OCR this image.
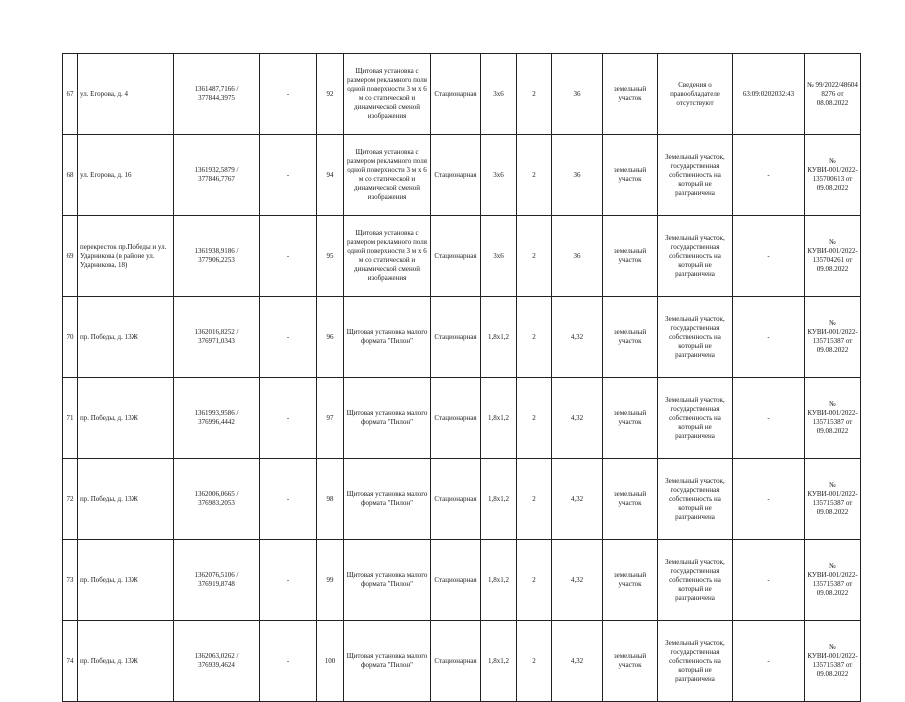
67	ул. Егорова, д. 4	1361487,7166 / 377844,3975	-	92	Щитовая установка с размером рекламного поля одной поверхности 3 м х 6 м со статической и динамической сменой изображения	Стационарная	3х6	2	36	земельный участок	Сведения о правообладателе отсутствуют	63:09:0202032:43	№ 99/2022/48604 8276 от 08.08.2022
68	ул. Егорова, д. 16	1361932,5879 / 377846,7767	-	94	Щитовая установка с размером рекламного поля одной поверхности 3 м х 6 м со статической и динамической сменой изображения	Стационарная	3х6	2	36	земельный участок	Земельный участок, государственная собственность на который не разграничена	-	№ КУВИ-001/2022-135700613 от 09.08.2022
69	перекресток пр.Победы и ул. Ударникова (в районе ул. Ударникова, 18)	1361938,9186 / 377906,2253	-	95	Щитовая установка с размером рекламного поля одной поверхности 3 м х 6 м со статической и динамической сменой изображения	Стационарная	3х6	2	36	земельный участок	Земельный участок, государственная собственность на который не разграничена	-	№ КУВИ-001/2022-135704261 от 09.08.2022
70	пр. Победы, д. 13Ж	1362016,8252 / 376971,0343	-	96	Щитовая установка малого формата "Пилон"	Стационарная	1,8х1,2	2	4,32	земельный участок	Земельный участок, государственная собственность на который не разграничена	-	№ КУВИ-001/2022-135715387 от 09.08.2022
71	пр. Победы, д. 13Ж	1361993,9586 / 376996,4442	-	97	Щитовая установка малого формата "Пилон"	Стационарная	1,8х1,2	2	4,32	земельный участок	Земельный участок, государственная собственность на который не разграничена	-	№ КУВИ-001/2022-135715387 от 09.08.2022
72	пр. Победы, д. 13Ж	1362006,0665 / 376983,2053	-	98	Щитовая установка малого формата "Пилон"	Стационарная	1,8х1,2	2	4,32	земельный участок	Земельный участок, государственная собственность на который не разграничена	-	№ КУВИ-001/2022-135715387 от 09.08.2022
73	пр. Победы, д. 13Ж	1362076,5106 / 376919,8748	-	99	Щитовая установка малого формата "Пилон"	Стационарная	1,8х1,2	2	4,32	земельный участок	Земельный участок, государственная собственность на который не разграничена	-	№ КУВИ-001/2022-135715387 от 09.08.2022
74	пр. Победы, д. 13Ж	1362063,0262 / 376939,4624	-	100	Щитовая установка малого формата "Пилон"	Стационарная	1,8х1,2	2	4,32	земельный участок	Земельный участок, государственная собственность на который не разграничена	-	№ КУВИ-001/2022-135715387 от 09.08.2022
